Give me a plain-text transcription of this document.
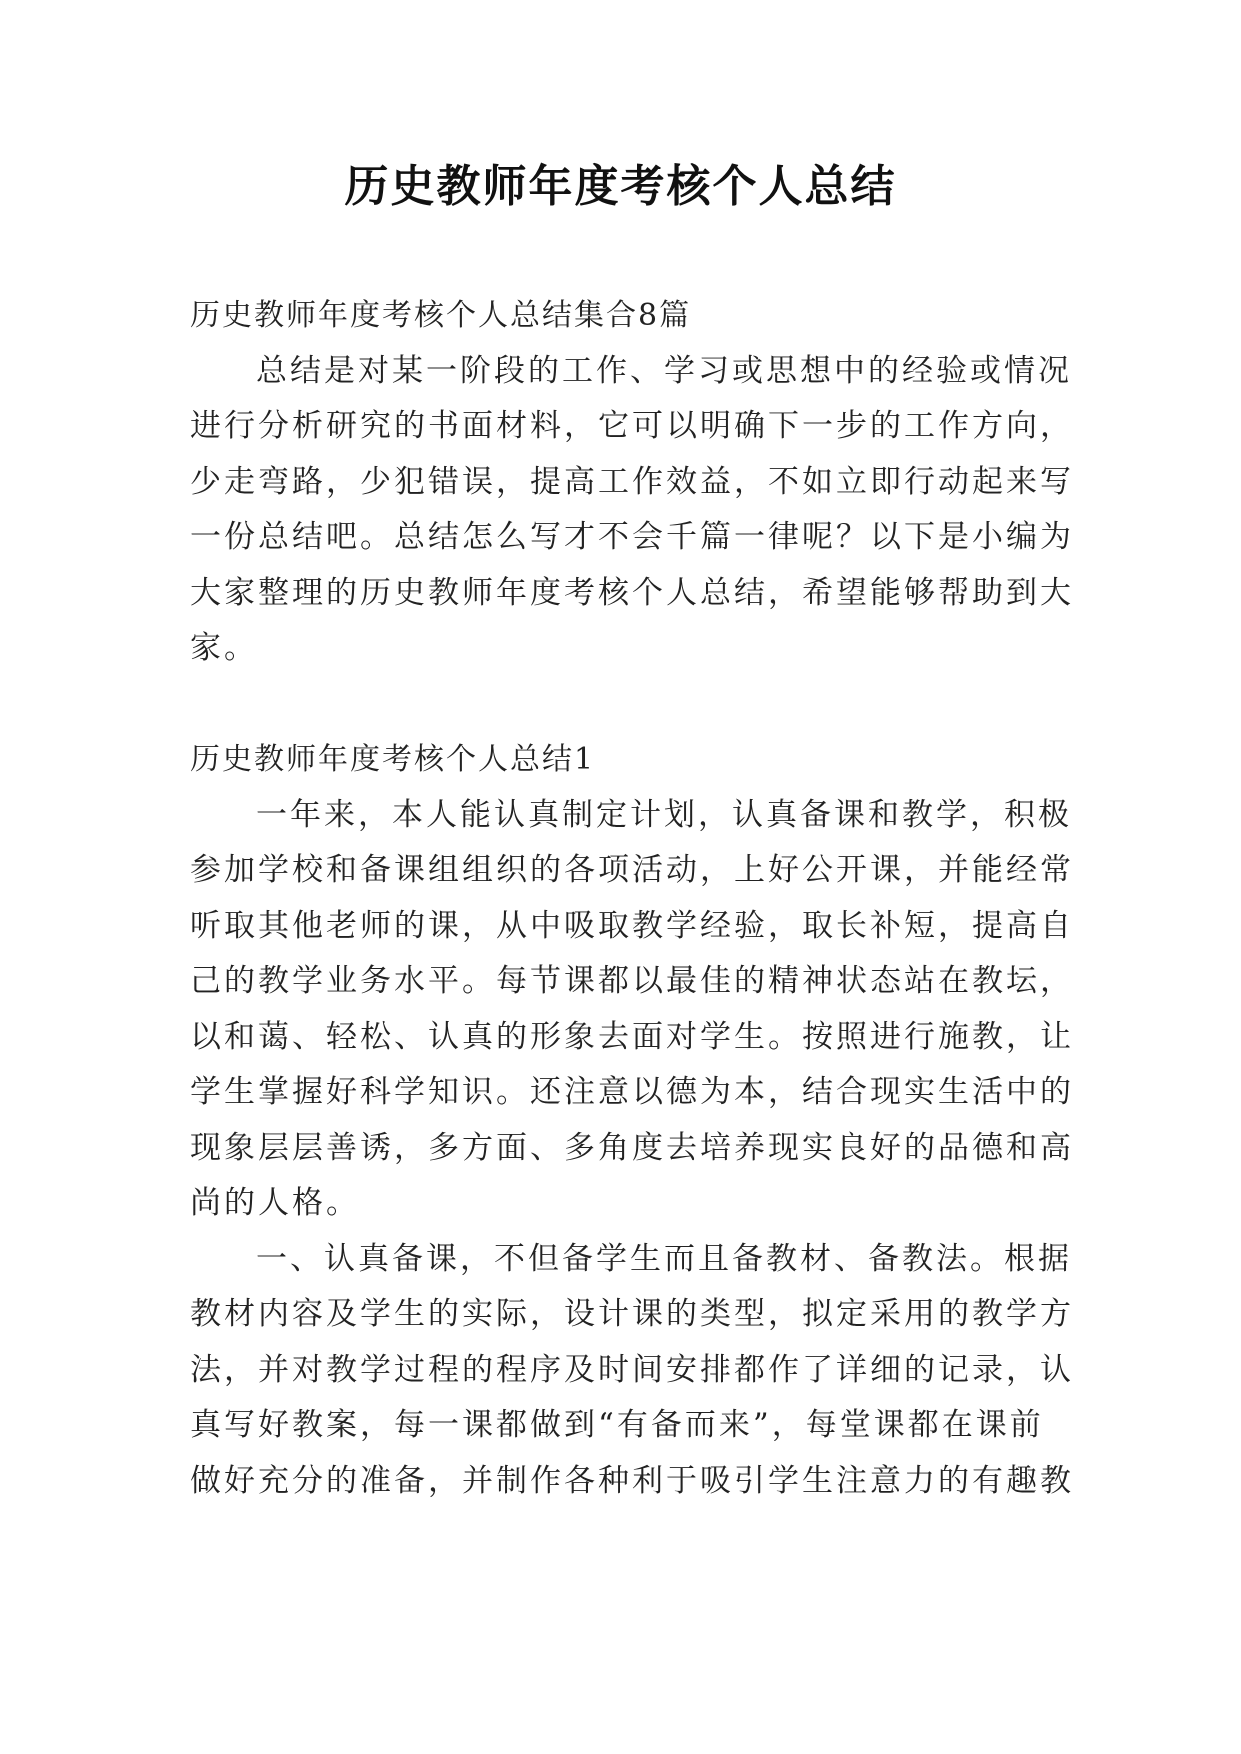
历史教师年度考核个人总结

历史教师年度考核个人总结集合8篇

总结是对某一阶段的工作、学习或思想中的经验或情况

进行分析研究的书面材料，它可以明确下一步的工作方向，

少走弯路，少犯错误，提高工作效益，不如立即行动起来写

一份总结吧。总结怎么写才不会千篇一律呢？以下是小编为

大家整理的历史教师年度考核个人总结，希望能够帮助到大

家。

历史教师年度考核个人总结1

一年来，本人能认真制定计划，认真备课和教学，积极

参加学校和备课组组织的各项活动，上好公开课，并能经常

听取其他老师的课，从中吸取教学经验，取长补短，提高自

己的教学业务水平。每节课都以最佳的精神状态站在教坛，

以和蔼、轻松、认真的形象去面对学生。按照进行施教，让

学生掌握好科学知识。还注意以德为本，结合现实生活中的

现象层层善诱，多方面、多角度去培养现实良好的品德和高

尚的人格。

一、认真备课，不但备学生而且备教材、备教法。根据

教材内容及学生的实际，设计课的类型，拟定采用的教学方

法，并对教学过程的程序及时间安排都作了详细的记录，认

真写好教案，每一课都做到“有备而来”，每堂课都在课前

做好充分的准备，并制作各种利于吸引学生注意力的有趣教
